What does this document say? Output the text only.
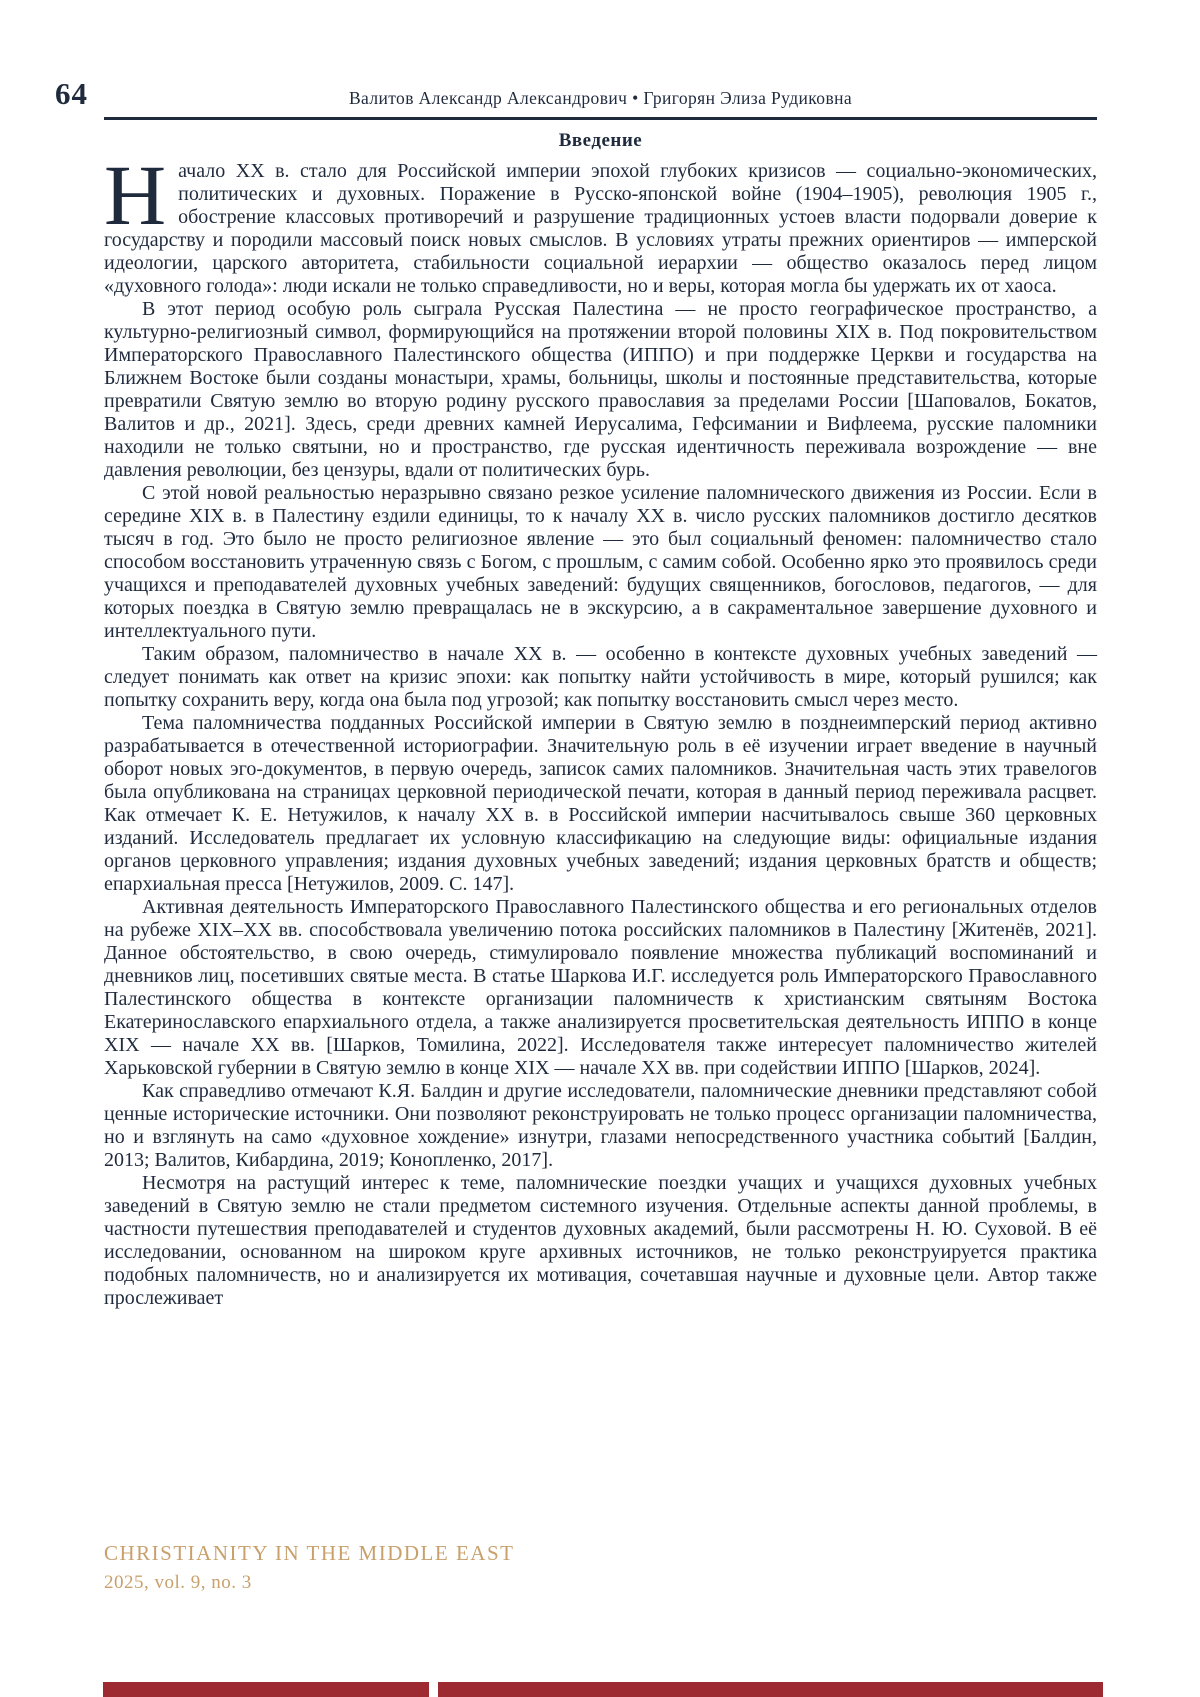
64	Валитов Александр Александрович • Григорян Элиза Рудиковна
Введение

Начало XX в. стало для Российской империи эпохой глубоких кризисов — социально-экономических, политических и духовных. Поражение в Русско-японской войне (1904–1905), революция 1905 г., обострение классовых противоречий и разрушение традиционных устоев власти подорвали доверие к государству и породили массовый поиск новых смыслов. В условиях утраты прежних ориентиров — имперской идеологии, царского авторитета, стабильности социальной иерархии — общество оказалось перед лицом «духовного голода»: люди искали не только справедливости, но и веры, которая могла бы удержать их от хаоса.

В этот период особую роль сыграла Русская Палестина — не просто географическое пространство, а культурно-религиозный символ, формирующийся на протяжении второй половины XIX в. Под покровительством Императорского Православного Палестинского общества (ИППО) и при поддержке Церкви и государства на Ближнем Востоке были созданы монастыри, храмы, больницы, школы и постоянные представительства, которые превратили Святую землю во вторую родину русского православия за пределами России [Шаповалов, Бокатов, Валитов и др., 2021]. Здесь, среди древних камней Иерусалима, Гефсимании и Вифлеема, русские паломники находили не только святыни, но и пространство, где русская идентичность переживала возрождение — вне давления революции, без цензуры, вдали от политических бурь.

С этой новой реальностью неразрывно связано резкое усиление паломнического движения из России. Если в середине XIX в. в Палестину ездили единицы, то к началу XX в. число русских паломников достигло десятков тысяч в год. Это было не просто религиозное явление — это был социальный феномен: паломничество стало способом восстановить утраченную связь с Богом, с прошлым, с самим собой. Особенно ярко это проявилось среди учащихся и преподавателей духовных учебных заведений: будущих священников, богословов, педагогов, — для которых поездка в Святую землю превращалась не в экскурсию, а в сакраментальное завершение духовного и интеллектуального пути.

Таким образом, паломничество в начале XX в. — особенно в контексте духовных учебных заведений — следует понимать как ответ на кризис эпохи: как попытку найти устойчивость в мире, который рушился; как попытку сохранить веру, когда она была под угрозой; как попытку восстановить смысл через место.

Тема паломничества подданных Российской империи в Святую землю в позднеимперский период активно разрабатывается в отечественной историографии. Значительную роль в её изучении играет введение в научный оборот новых эго-документов, в первую очередь, записок самих паломников. Значительная часть этих травелогов была опубликована на страницах церковной периодической печати, которая в данный период переживала расцвет. Как отмечает К. Е. Нетужилов, к началу XX в. в Российской империи насчитывалось свыше 360 церковных изданий. Исследователь предлагает их условную классификацию на следующие виды: официальные издания органов церковного управления; издания духовных учебных заведений; издания церковных братств и обществ; епархиальная пресса [Нетужилов, 2009. С. 147].

Активная деятельность Императорского Православного Палестинского общества и его региональных отделов на рубеже XIX–XX вв. способствовала увеличению потока российских паломников в Палестину [Житенёв, 2021]. Данное обстоятельство, в свою очередь, стимулировало появление множества публикаций воспоминаний и дневников лиц, посетивших святые места. В статье Шаркова И.Г. исследуется роль Императорского Православного Палестинского общества в контексте организации паломничеств к христианским святыням Востока Екатеринославского епархиального отдела, а также анализируется просветительская деятельность ИППО в конце XIX — начале XX вв. [Шарков, Томилина, 2022]. Исследователя также интересует паломничество жителей Харьковской губернии в Святую землю в конце XIX — начале XX вв. при содействии ИППО [Шарков, 2024].

Как справедливо отмечают К.Я. Балдин и другие исследователи, паломнические дневники представляют собой ценные исторические источники. Они позволяют реконструировать не только процесс организации паломничества, но и взглянуть на само «духовное хождение» изнутри, глазами непосредственного участника событий [Балдин, 2013; Валитов, Кибардина, 2019; Конопленко, 2017].

Несмотря на растущий интерес к теме, паломнические поездки учащих и учащихся духовных учебных заведений в Святую землю не стали предметом системного изучения. Отдельные аспекты данной проблемы, в частности путешествия преподавателей и студентов духовных академий, были рассмотрены Н. Ю. Суховой. В её исследовании, основанном на широком круге архивных источников, не только реконструируется практика подобных паломничеств, но и анализируется их мотивация, сочетавшая научные и духовные цели. Автор также прослеживает

CHRISTIANITY IN THE MIDDLE EAST
2025, vol. 9, no. 3
